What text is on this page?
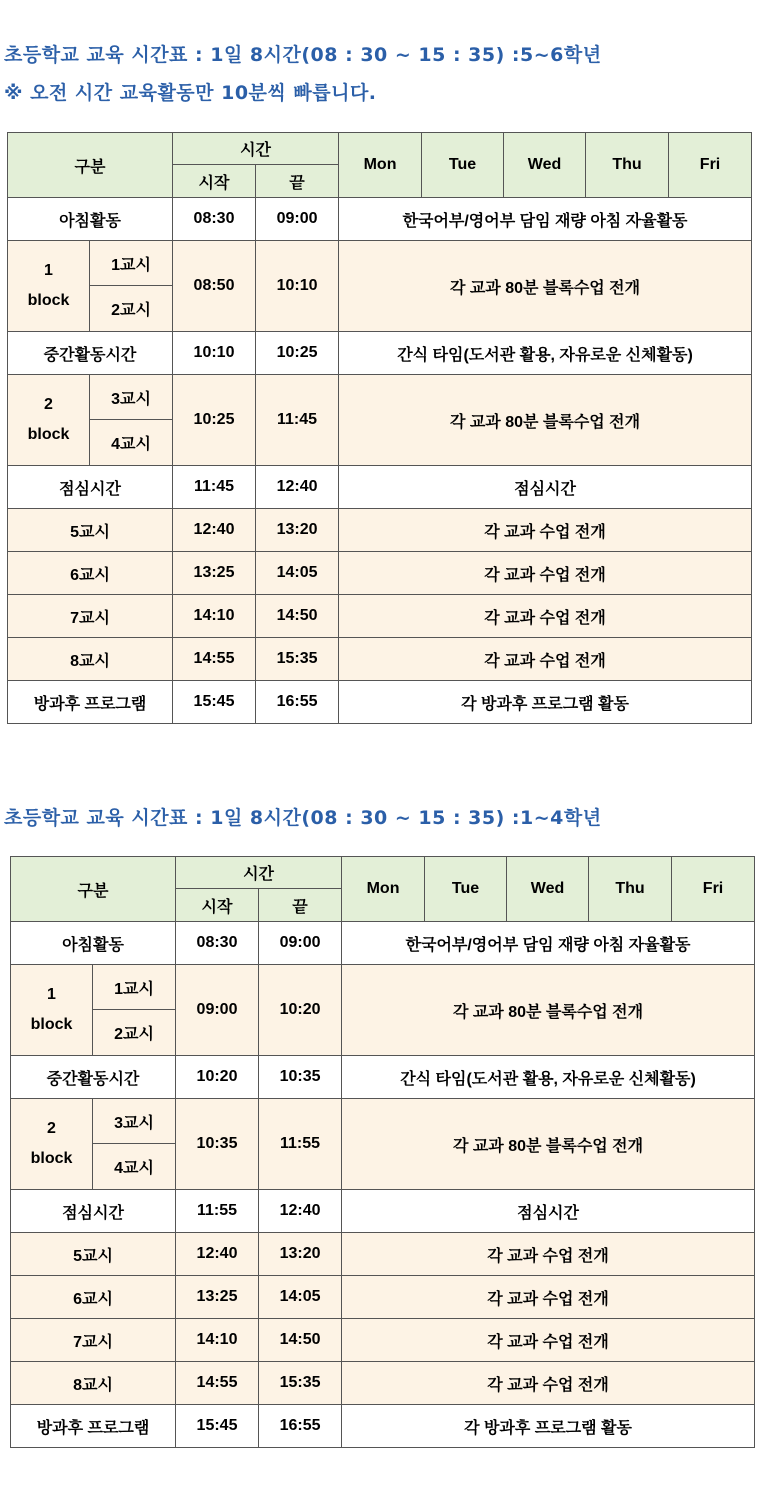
초등학교 교육 시간표 : 1일 8시간(08 : 30 ~ 15 : 35) :5~6학년
※ 오전 시간 교육활동만 10분씩 빠릅니다.
구분		시간		Mon	Tue	Wed	Thu	Fri
		시작	끝					
아침활동		08:30	09:00	한국어부/영어부 담임 재량 아침 자율활동				

1
block	1교시	08:50	10:10	각 교과 80분 블록수업 전개				
	2교시							
중간활동시간		10:10	10:25	간식 타임(도서관 활용, 자유로운 신체활동)				

2
block	3교시	10:25	11:45	각 교과 80분 블록수업 전개				
	4교시							
점심시간		11:45	12:40	점심시간				
5교시		12:40	13:20	각 교과 수업 전개				
6교시		13:25	14:05	각 교과 수업 전개				
7교시		14:10	14:50	각 교과 수업 전개				
8교시		14:55	15:35	각 교과 수업 전개				
방과후 프로그램		15:45	16:55	각 방과후 프로그램 활동				
초등학교 교육 시간표 : 1일 8시간(08 : 30 ~ 15 : 35) :1~4학년
구분		시간		Mon	Tue	Wed	Thu	Fri
		시작	끝					
아침활동		08:30	09:00	한국어부/영어부 담임 재량 아침 자율활동				

1
block	1교시	09:00	10:20	각 교과 80분 블록수업 전개				
	2교시							
중간활동시간		10:20	10:35	간식 타임(도서관 활용, 자유로운 신체활동)				

2
block	3교시	10:35	11:55	각 교과 80분 블록수업 전개				
	4교시							
점심시간		11:55	12:40	점심시간				
5교시		12:40	13:20	각 교과 수업 전개				
6교시		13:25	14:05	각 교과 수업 전개				
7교시		14:10	14:50	각 교과 수업 전개				
8교시		14:55	15:35	각 교과 수업 전개				
방과후 프로그램		15:45	16:55	각 방과후 프로그램 활동				
